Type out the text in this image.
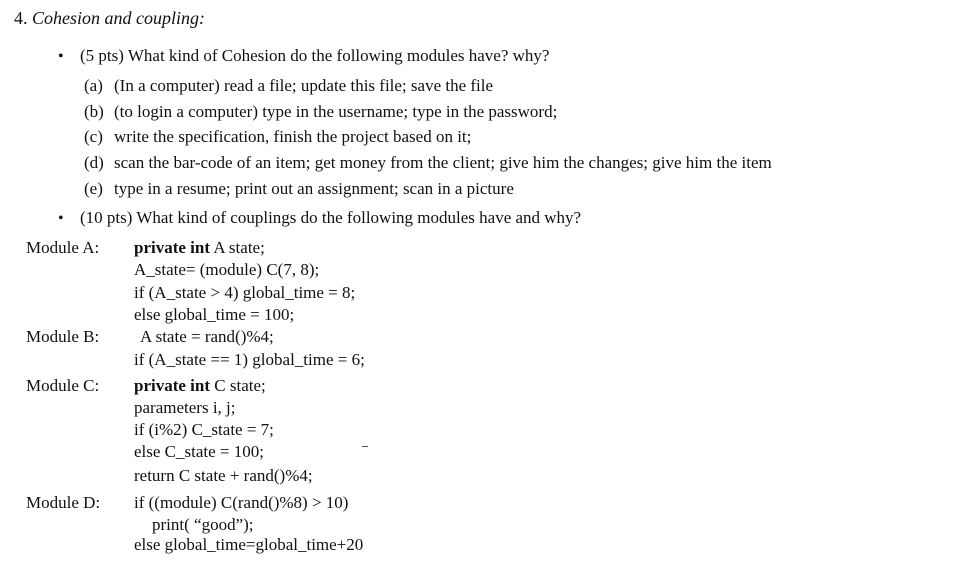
4. Cohesion and coupling:
• (5 pts) What kind of Cohesion do the following modules have? why?
(a) (In a computer) read a file; update this file; save the file
(b) (to login a computer) type in the username; type in the password;
(c) write the specification, finish the project based on it;
(d) scan the bar-code of an item; get money from the client; give him the changes; give him the item
(e) type in a resume; print out an assignment; scan in a picture
• (10 pts) What kind of couplings do the following modules have and why?
Module A: private int A state;
A_state= (module) C(7, 8);
if (A_state > 4) global_time = 8;
else global_time = 100;
Module B: A state = rand()%4;
if (A_state == 1) global_time = 6;
Module C: private int C state;
parameters i, j;
if (i%2) C_state = 7;
else C_state = 100;
return C state + rand()%4;
Module D: if ((module) C(rand()%8) > 10)
print( “good”);
else global_time=global_time+20
